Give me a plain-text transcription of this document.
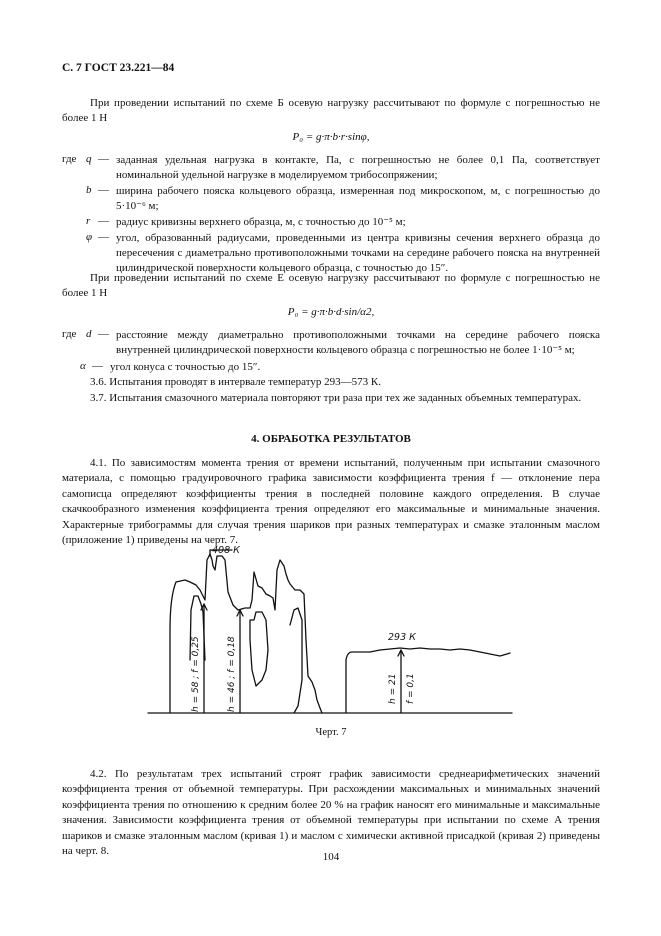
С. 7 ГОСТ 23.221—84

При проведении испытаний по схеме Б осевую нагрузку рассчитывают по формуле с погрешностью не более 1 Н

P₀ = g·π·b·r·sinφ,
где q — заданная удельная нагрузка в контакте, Па, с погрешностью не более 0,1 Па, соответствует номинальной удельной нагрузке в моделируемом трибосопряжении;
b — ширина рабочего пояска кольцевого образца, измеренная под микроскопом, м, с погрешностью до 5·10⁻⁶ м;
r — радиус кривизны верхнего образца, м, с точностью до 10⁻⁵ м;
φ — угол, образованный радиусами, проведенными из центра кривизны сечения верхнего образца до пересечения с диаметрально противоположными точками на середине рабочего пояска на внутренней цилиндрической поверхности кольцевого образца, с точностью до 15″.

При проведении испытаний по схеме Е осевую нагрузку рассчитывают по формуле с погрешностью не более 1 Н

P₀ = g·π·b·d·sin/α2,
где d — расстояние между диаметрально противоположными точками на середине рабочего пояска внутренней цилиндрической поверхности кольцевого образца с погрешностью не более 1·10⁻⁵ м;
α — угол конуса с точностью до 15″.

3.6. Испытания проводят в интервале температур 293—573 К.

3.7. Испытания смазочного материала повторяют три раза при тех же заданных объемных температурах.

4. ОБРАБОТКА РЕЗУЛЬТАТОВ

4.1. По зависимостям момента трения от времени испытаний, полученным при испытании смазочного материала, с помощью градуировочного графика зависимости коэффициента трения f — отклонение пера самописца определяют коэффициенты трения в последней половине каждого определения. В случае скачкообразного изменения коэффициента трения определяют его максимальные и минимальные значения. Характерные трибограммы для случая трения шариков при разных температурах и смазке эталонным маслом (приложение 1) приведены на черт. 7.

408 К
293 К
h = 58 ; f = 0,25	h = 46 ; f = 0,18	h = 21 f = 0,1
Черт. 7

4.2. По результатам трех испытаний строят график зависимости среднеарифметических значений коэффициента трения от объемной температуры. При расхождении максимальных и минимальных значений коэффициента трения по отношению к средним более 20 % на график наносят его минимальные и максимальные значения. Зависимости коэффициента трения от объемной температуры при испытании по схеме А трения шариков и смазке эталонным маслом (кривая 1) и маслом с химически активной присадкой (кривая 2) приведены на черт. 8.	104
